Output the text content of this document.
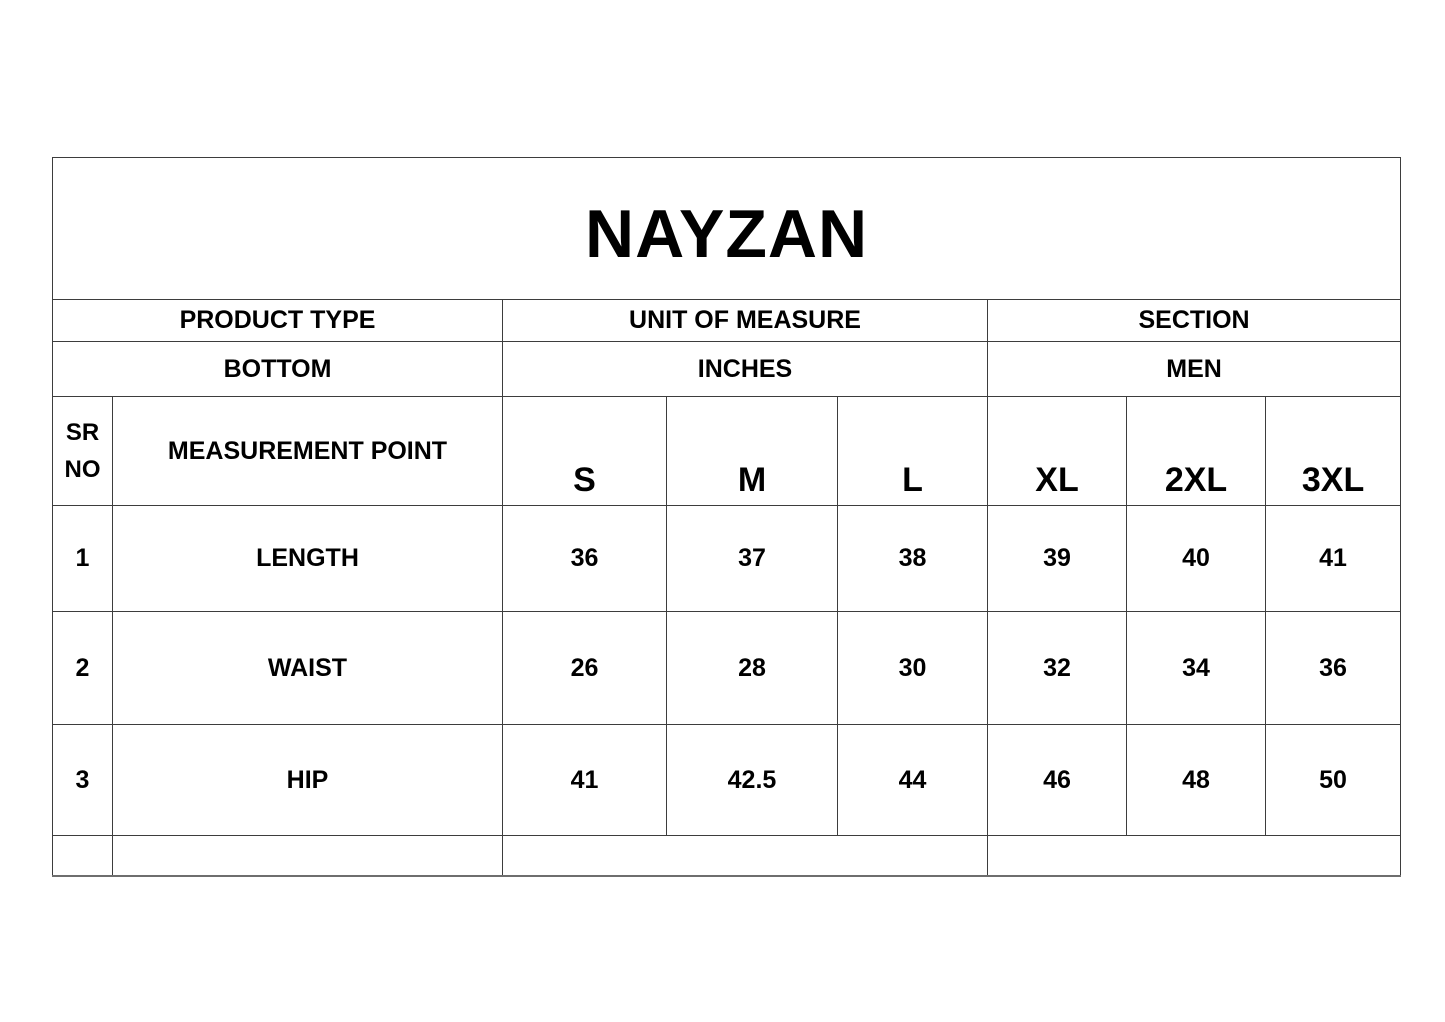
NAYZAN							
PRODUCT TYPE		UNIT OF MEASURE			SECTION		
BOTTOM		INCHES			MEN		
SR NO	MEASUREMENT POINT	S	M	L	XL	2XL	3XL
1	LENGTH	36	37	38	39	40	41
2	WAIST	26	28	30	32	34	36
3	HIP	41	42.5	44	46	48	50
